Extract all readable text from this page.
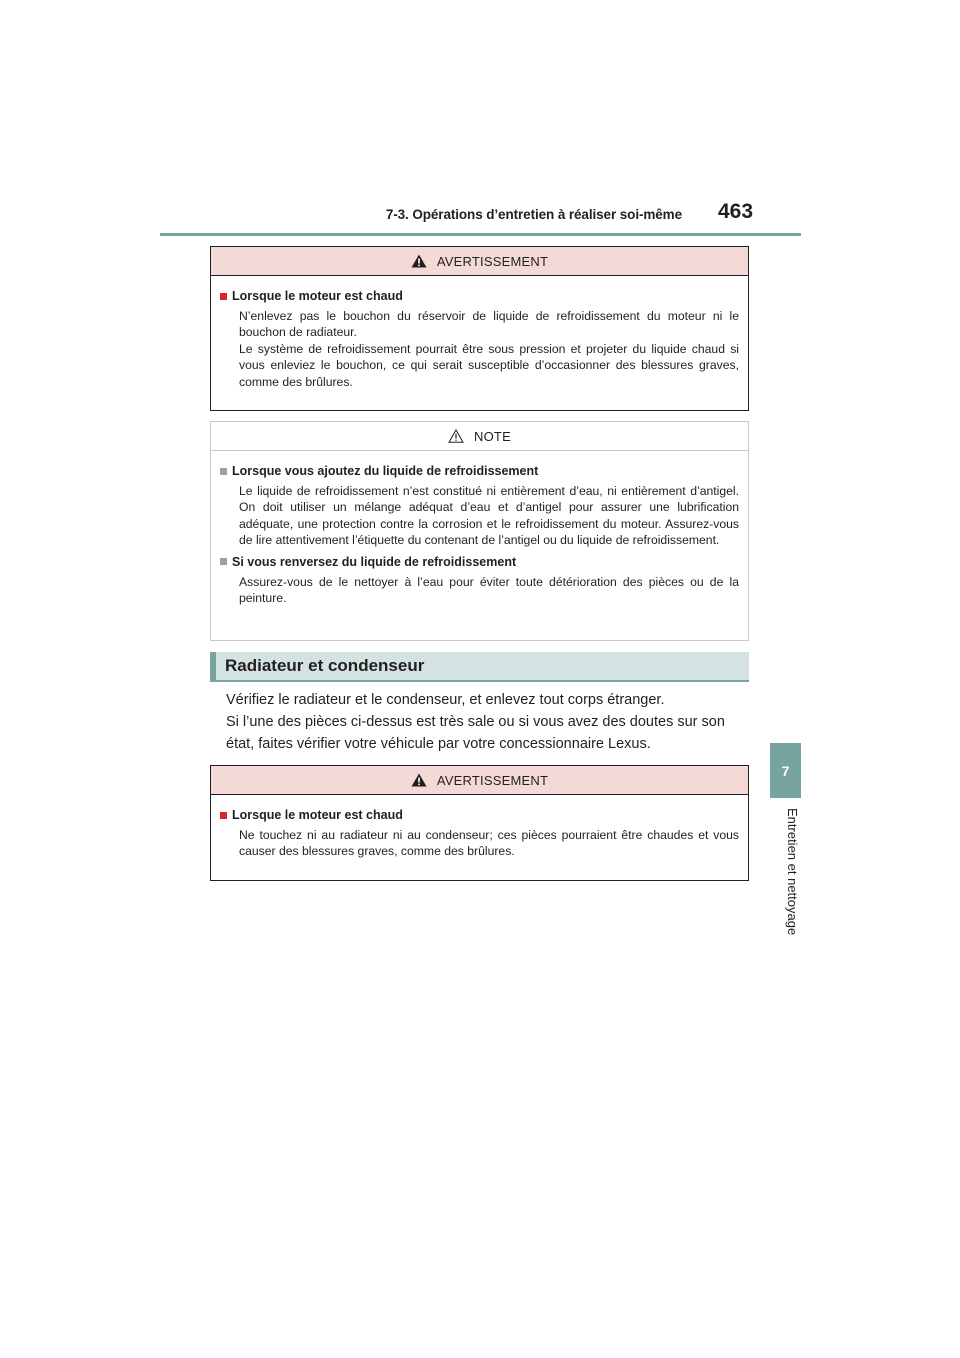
7-3. Opérations d’entretien à réaliser soi-même 463
7
Entretien et nettoyage
AVERTISSEMENT
Lorsque le moteur est chaud
N’enlevez pas le bouchon du réservoir de liquide de refroidissement du moteur ni le bouchon de radiateur.
Le système de refroidissement pourrait être sous pression et projeter du liquide chaud si vous enleviez le bouchon, ce qui serait susceptible d’occasionner des blessures graves, comme des brûlures.
NOTE
Lorsque vous ajoutez du liquide de refroidissement
Le liquide de refroidissement n’est constitué ni entièrement d’eau, ni entièrement d’antigel. On doit utiliser un mélange adéquat d’eau et d’antigel pour assurer une lubrification adéquate, une protection contre la corrosion et le refroidissement du moteur. Assurez-vous de lire attentivement l’étiquette du contenant de l’antigel ou du liquide de refroidissement.
Si vous renversez du liquide de refroidissement
Assurez-vous de le nettoyer à l’eau pour éviter toute détérioration des pièces ou de la peinture.
Radiateur et condenseur

Vérifiez le radiateur et le condenseur, et enlevez tout corps étranger.

Si l’une des pièces ci-dessus est très sale ou si vous avez des doutes sur son état, faites vérifier votre véhicule par votre concessionnaire Lexus.

AVERTISSEMENT
Lorsque le moteur est chaud
Ne touchez ni au radiateur ni au condenseur; ces pièces pourraient être chaudes et vous causer des blessures graves, comme des brûlures.
